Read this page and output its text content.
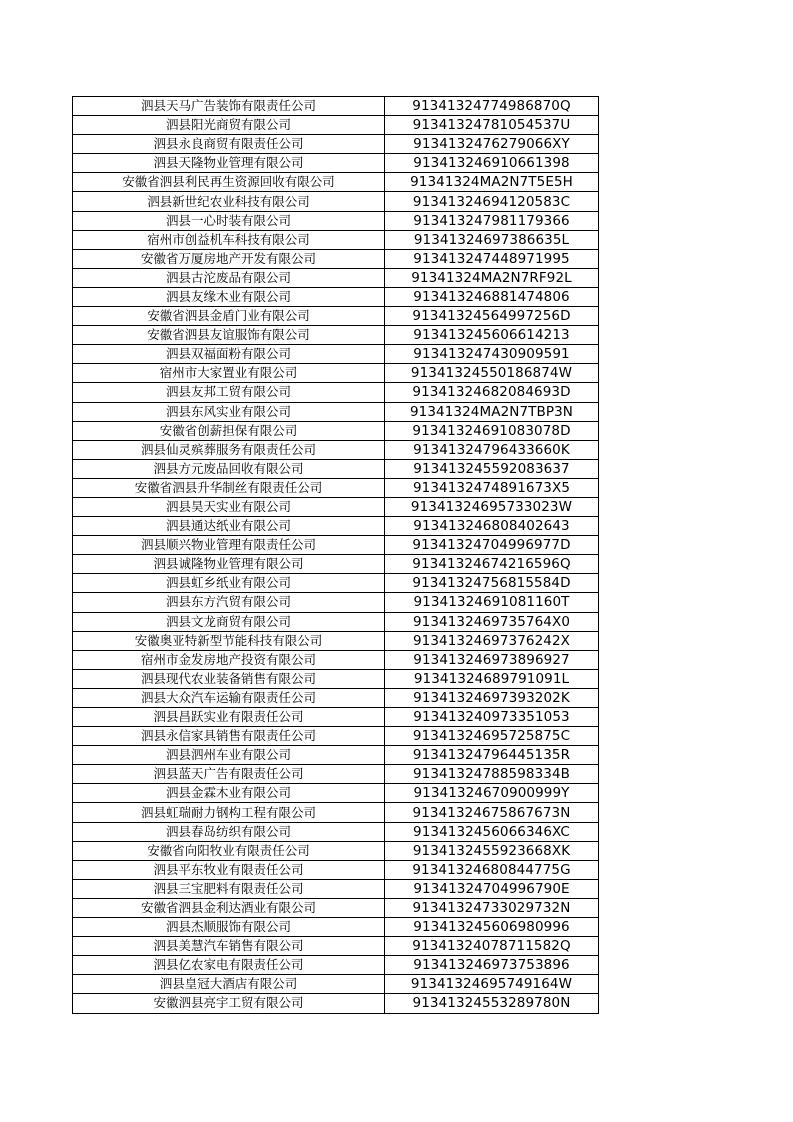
泗县天马广告装饰有限责任公司	91341324774986870Q
泗县阳光商贸有限公司	91341324781054537U
泗县永良商贸有限责任公司	9134132476279066XY
泗县天隆物业管理有限公司	913413246910661398
安徽省泗县利民再生资源回收有限公司	91341324MA2N7T5E5H
泗县新世纪农业科技有限公司	91341324694120583C
泗县一心时装有限公司	913413247981179366
宿州市创益机车科技有限公司	91341324697386635L
安徽省万厦房地产开发有限公司	913413247448971995
泗县古沱废品有限公司	91341324MA2N7RF92L
泗县友缘木业有限公司	913413246881474806
安徽省泗县金盾门业有限公司	91341324564997256D
安徽省泗县友谊服饰有限公司	913413245606614213
泗县双福面粉有限公司	913413247430909591
宿州市大家置业有限公司	91341324550186874W
泗县友邦工贸有限公司	91341324682084693D
泗县东风实业有限公司	91341324MA2N7TBP3N
安徽省创薪担保有限公司	91341324691083078D
泗县仙灵殡葬服务有限责任公司	91341324796433660K
泗县方元废品回收有限公司	913413245592083637
安徽省泗县升华制丝有限责任公司	9134132474891673X5
泗县昊天实业有限公司	91341324695733023W
泗县通达纸业有限公司	913413246808402643
泗县顺兴物业管理有限责任公司	91341324704996977D
泗县诚隆物业管理有限公司	91341324674216596Q
泗县虹乡纸业有限公司	91341324756815584D
泗县东方汽贸有限公司	91341324691081160T
泗县文龙商贸有限公司	9134132469735764X0
安徽奥亚特新型节能科技有限公司	91341324697376242X
宿州市金发房地产投资有限公司	913413246973896927
泗县现代农业装备销售有限公司	91341324689791091L
泗县大众汽车运输有限责任公司	91341324697393202K
泗县昌跃实业有限责任公司	913413240973351053
泗县永信家具销售有限责任公司	91341324695725875C
泗县泗州车业有限公司	91341324796445135R
泗县蓝天广告有限责任公司	91341324788598334B
泗县金霖木业有限公司	91341324670900999Y
泗县虹瑞耐力钢构工程有限公司	91341324675867673N
泗县春岛纺织有限公司	9134132456066346XC
安徽省向阳牧业有限责任公司	9134132455923668XK
泗县平东牧业有限责任公司	91341324680844775G
泗县三宝肥料有限责任公司	91341324704996790E
安徽省泗县金利达酒业有限公司	91341324733029732N
泗县杰顺服饰有限公司	913413245606980996
泗县美慧汽车销售有限公司	91341324078711582Q
泗县亿农家电有限责任公司	913413246973753896
泗县皇冠大酒店有限公司	91341324695749164W
安徽泗县亮宇工贸有限公司	91341324553289780N
